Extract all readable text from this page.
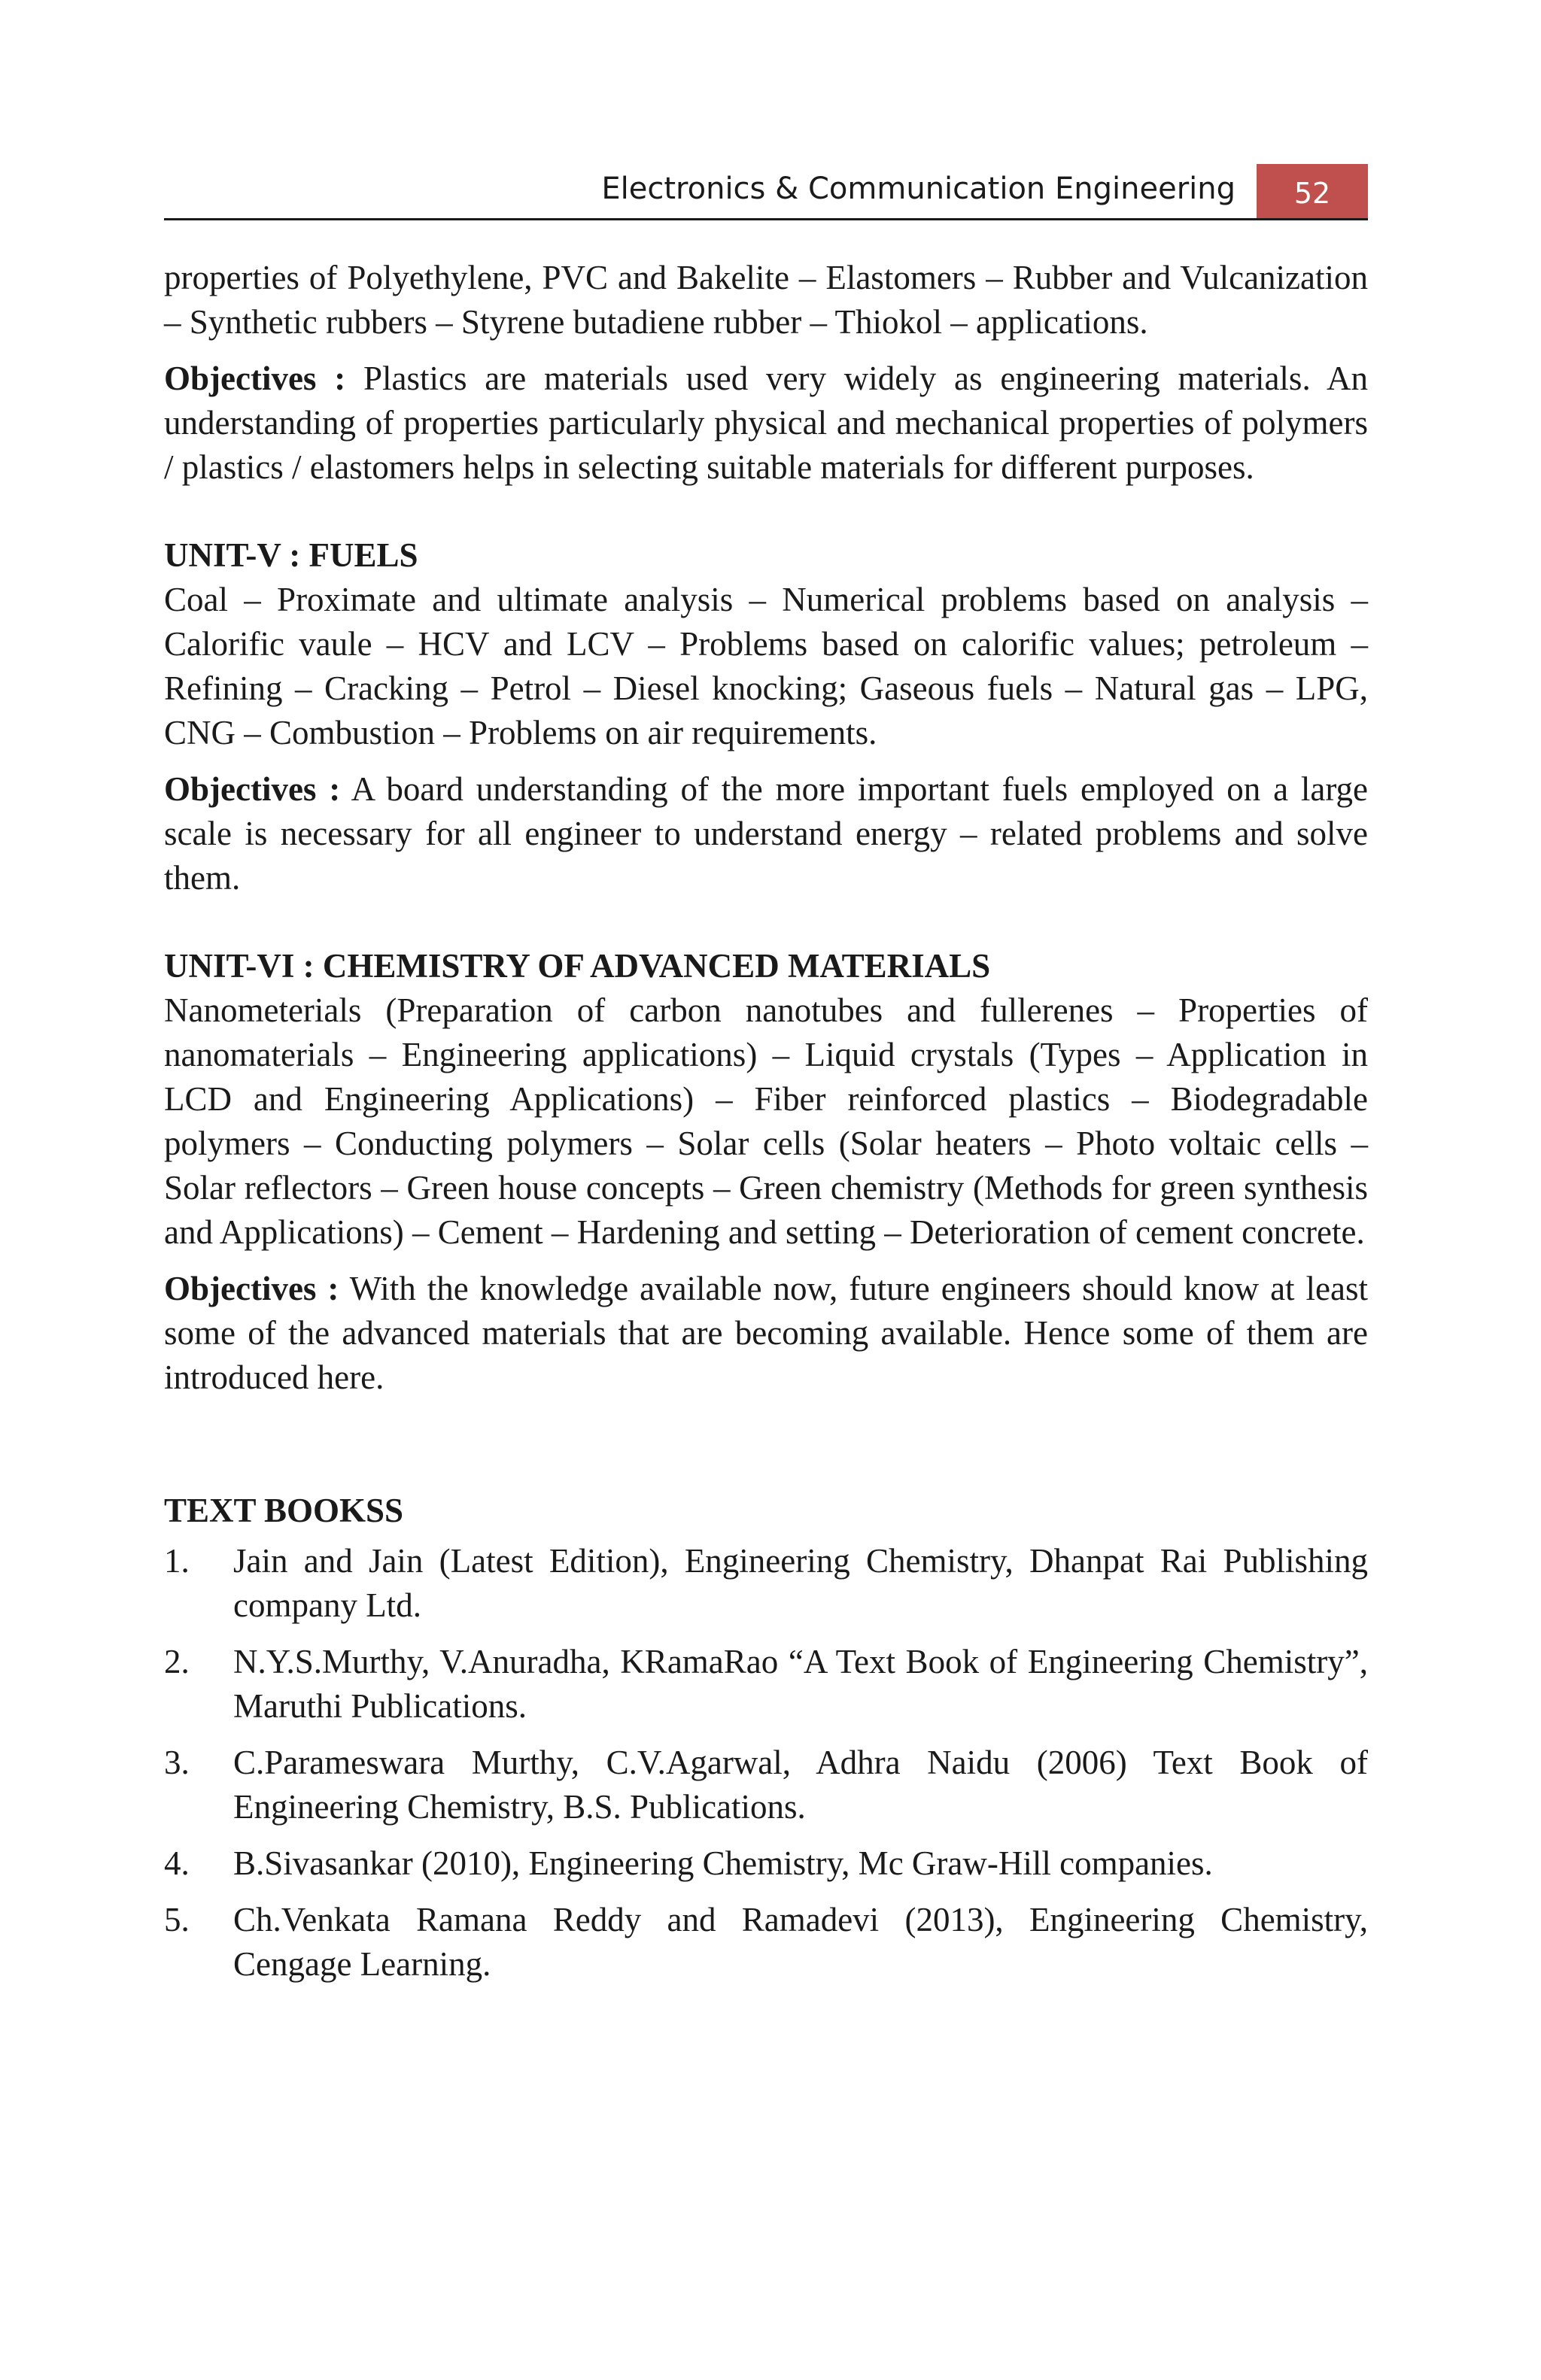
Electronics & Communication Engineering	52

properties of Polyethylene, PVC and Bakelite – Elastomers – Rubber and Vulcanization – Synthetic rubbers – Styrene butadiene rubber – Thiokol – applications.

Objectives : Plastics are materials used very widely as engineering materials. An understanding of properties particularly physical and mechanical properties of polymers / plastics / elastomers helps in selecting suitable materials for different purposes.

UNIT-V : FUELS

Coal – Proximate and ultimate analysis – Numerical problems based on analysis – Calorific vaule – HCV and LCV – Problems based on calorific values; petroleum – Refining – Cracking – Petrol – Diesel knocking; Gaseous fuels – Natural gas – LPG, CNG – Combustion – Problems on air requirements.

Objectives : A board understanding of the more important fuels employed on a large scale is necessary for all engineer to understand energy – related problems and solve them.

UNIT-VI : CHEMISTRY OF ADVANCED MATERIALS

Nanometerials (Preparation of carbon nanotubes and fullerenes – Properties of nanomaterials – Engineering applications) – Liquid crystals (Types – Application in LCD and Engineering Applications) – Fiber reinforced plastics – Biodegradable polymers – Conducting polymers – Solar cells (Solar heaters – Photo voltaic cells – Solar reflectors – Green house concepts – Green chemistry (Methods for green synthesis and Applications) – Cement – Hardening and setting – Deterioration of cement concrete.

Objectives : With the knowledge available now, future engineers should know at least some of the advanced materials that are becoming available. Hence some of them are introduced here.

TEXT BOOKSS
1. Jain and Jain (Latest Edition), Engineering Chemistry, Dhanpat Rai Publishing company Ltd.
2. N.Y.S.Murthy, V.Anuradha, KRamaRao “A Text Book of Engineering Chemistry”, Maruthi Publications.
3. C.Parameswara Murthy, C.V.Agarwal, Adhra Naidu (2006) Text Book of Engineering Chemistry, B.S. Publications.
4. B.Sivasankar (2010), Engineering Chemistry, Mc Graw-Hill companies.
5. Ch.Venkata Ramana Reddy and Ramadevi (2013), Engineering Chemistry, Cengage Learning.
